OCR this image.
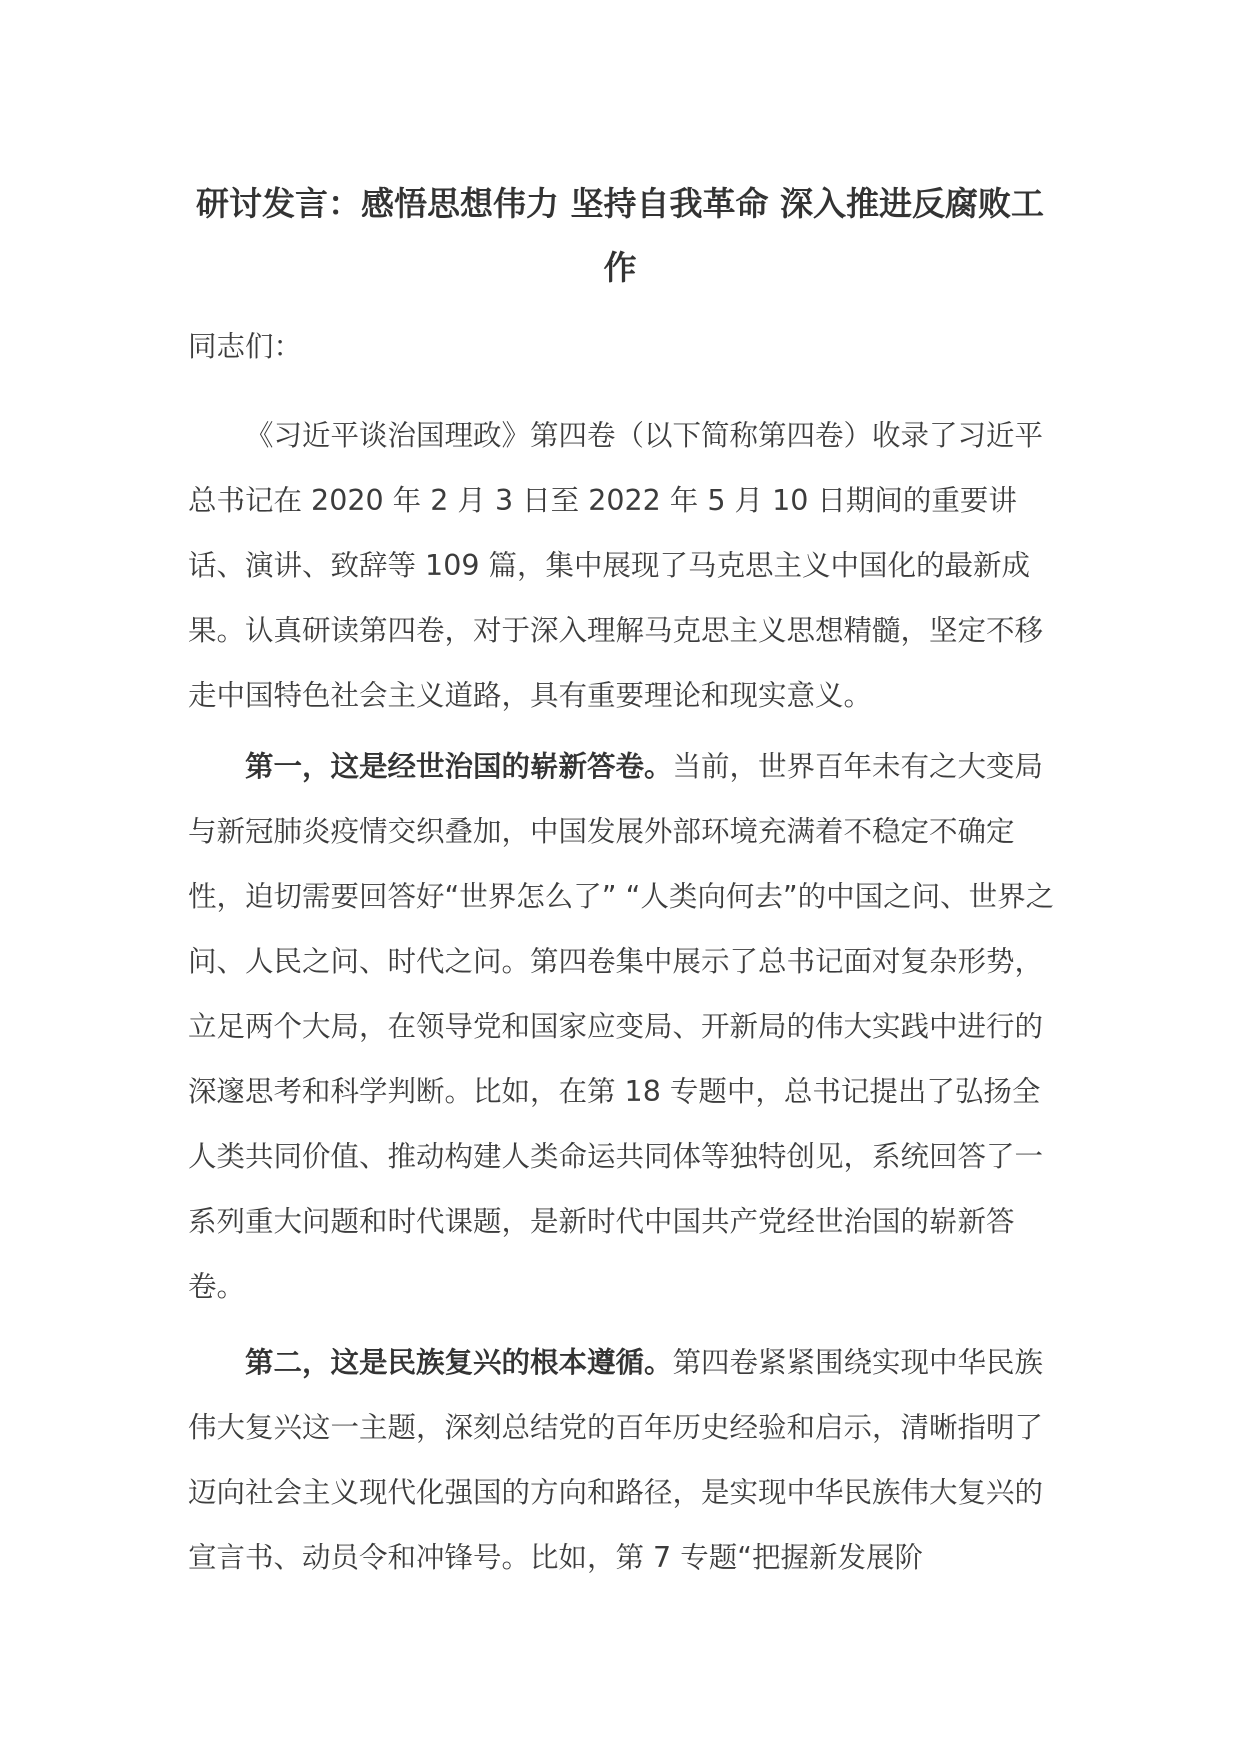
研讨发言：感悟思想伟力 坚持自我革命 深入推进反腐败工作

同志们：

《习近平谈治国理政》第四卷（以下简称第四卷）收录了习近平总书记在 2020 年 2 月 3 日至 2022 年 5 月 10 日期间的重要讲话、演讲、致辞等 109 篇，集中展现了马克思主义中国化的最新成果。认真研读第四卷，对于深入理解马克思主义思想精髓，坚定不移走中国特色社会主义道路，具有重要理论和现实意义。

第一，这是经世治国的崭新答卷。当前，世界百年未有之大变局与新冠肺炎疫情交织叠加，中国发展外部环境充满着不稳定不确定性，迫切需要回答好“世界怎么了” “人类向何去”的中国之问、世界之问、人民之问、时代之问。第四卷集中展示了总书记面对复杂形势，立足两个大局，在领导党和国家应变局、开新局的伟大实践中进行的深邃思考和科学判断。比如，在第 18 专题中，总书记提出了弘扬全人类共同价值、推动构建人类命运共同体等独特创见，系统回答了一系列重大问题和时代课题，是新时代中国共产党经世治国的崭新答卷。

第二，这是民族复兴的根本遵循。第四卷紧紧围绕实现中华民族伟大复兴这一主题，深刻总结党的百年历史经验和启示，清晰指明了迈向社会主义现代化强国的方向和路径，是实现中华民族伟大复兴的宣言书、动员令和冲锋号。比如，第 7 专题“把握新发展阶
